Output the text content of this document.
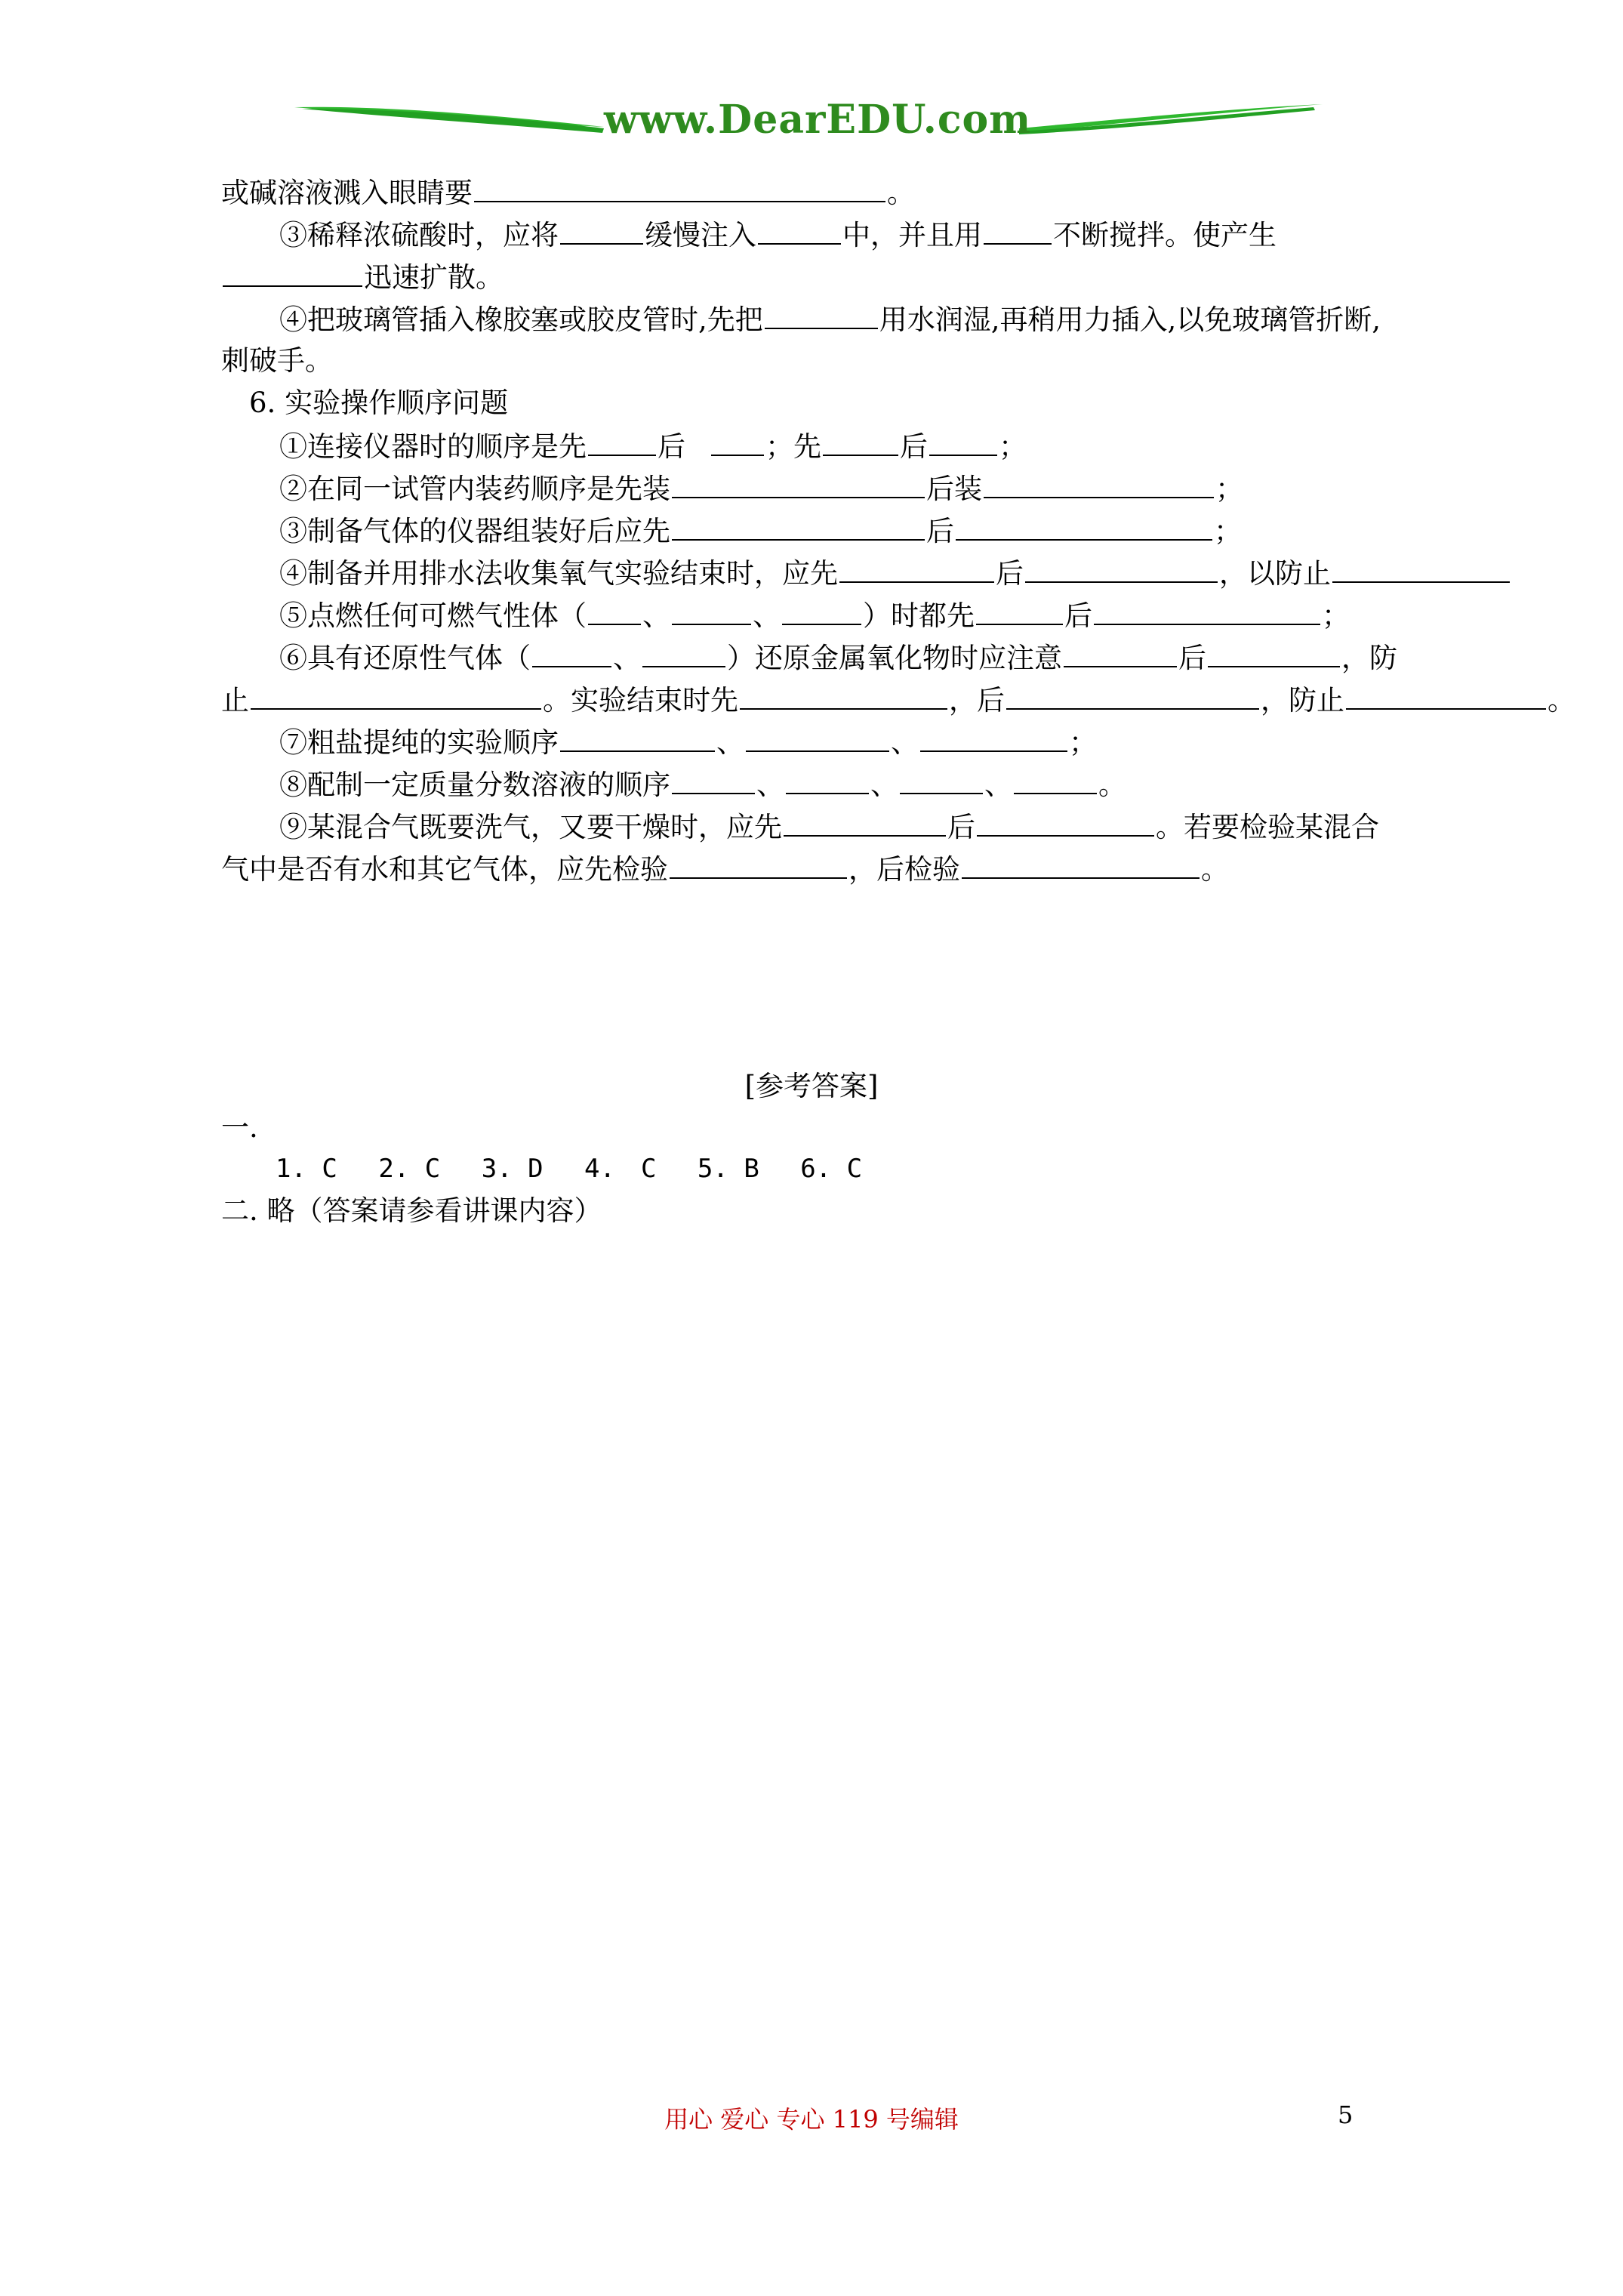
www.DearEDU.com
或碱溶液溅入眼睛要	。
③稀释浓硫酸时，应将	缓慢注入	中，并且用	不断搅拌。使产生
迅速扩散。
④把玻璃管插入橡胶塞或胶皮管时,先把	用水润湿,再稍用力插入,以免玻璃管折断,
刺破手。
6. 实验操作顺序问题
①连接仪器时的顺序是先	后	；先	后	；
②在同一试管内装药顺序是先装	后装	；
③制备气体的仪器组装好后应先	后	；
④制备并用排水法收集氧气实验结束时，应先	后	，以防止
⑤点燃任何可燃气性体（ 、	、	）时都先	后	；
⑥具有还原性气体（	、	）还原金属氧化物时应注意	后	，防
止	。实验结束时先	，后	，防止	。
⑦粗盐提纯的实验顺序	、	、	；
⑧配制一定质量分数溶液的顺序	、	、	、	。
⑨某混合气既要洗气，又要干燥时，应先	后	。若要检验某混合
气中是否有水和其它气体，应先检验	，后检验	。
[参考答案]
一.
1. C　 2. C　 3. D　 4.　C　 5. B　 6. C
二. 略（答案请参看讲课内容）
用心 爱心 专心 119 号编辑	5
